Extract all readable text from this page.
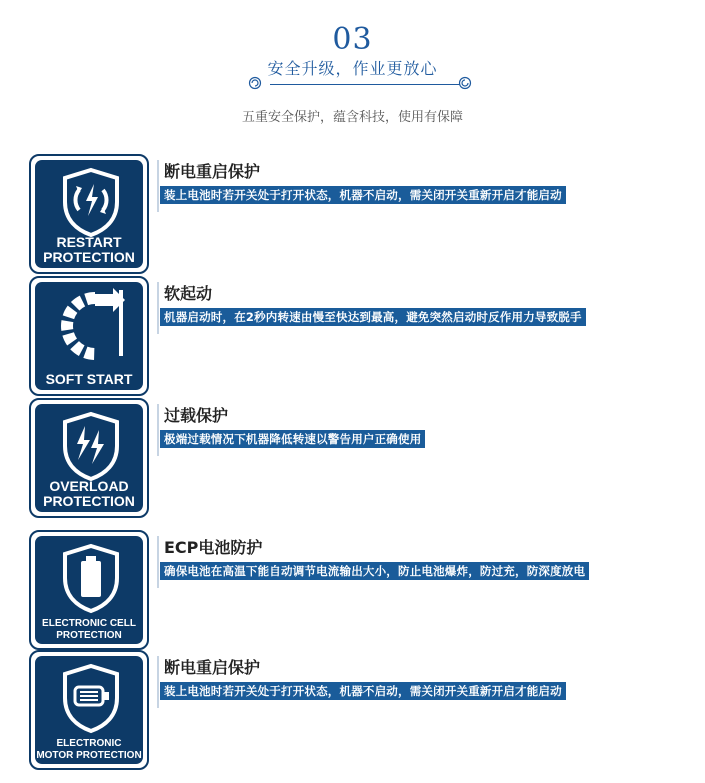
03
安全升级，作业更放心
五重安全保护，蕴含科技，使用有保障
RESTART
PROTECTION
断电重启保护
装上电池时若开关处于打开状态，机器不启动，需关闭开关重新开启才能启动
SOFT START
软起动
机器启动时，在2秒内转速由慢至快达到最高，避免突然启动时反作用力导致脱手
OVERLOAD
PROTECTION
过载保护
极端过载情况下机器降低转速以警告用户正确使用
ELECTRONIC CELL
PROTECTION
ECP电池防护
确保电池在高温下能自动调节电流输出大小，防止电池爆炸，防过充，防深度放电
ELECTRONIC
MOTOR PROTECTION
断电重启保护
装上电池时若开关处于打开状态，机器不启动，需关闭开关重新开启才能启动
